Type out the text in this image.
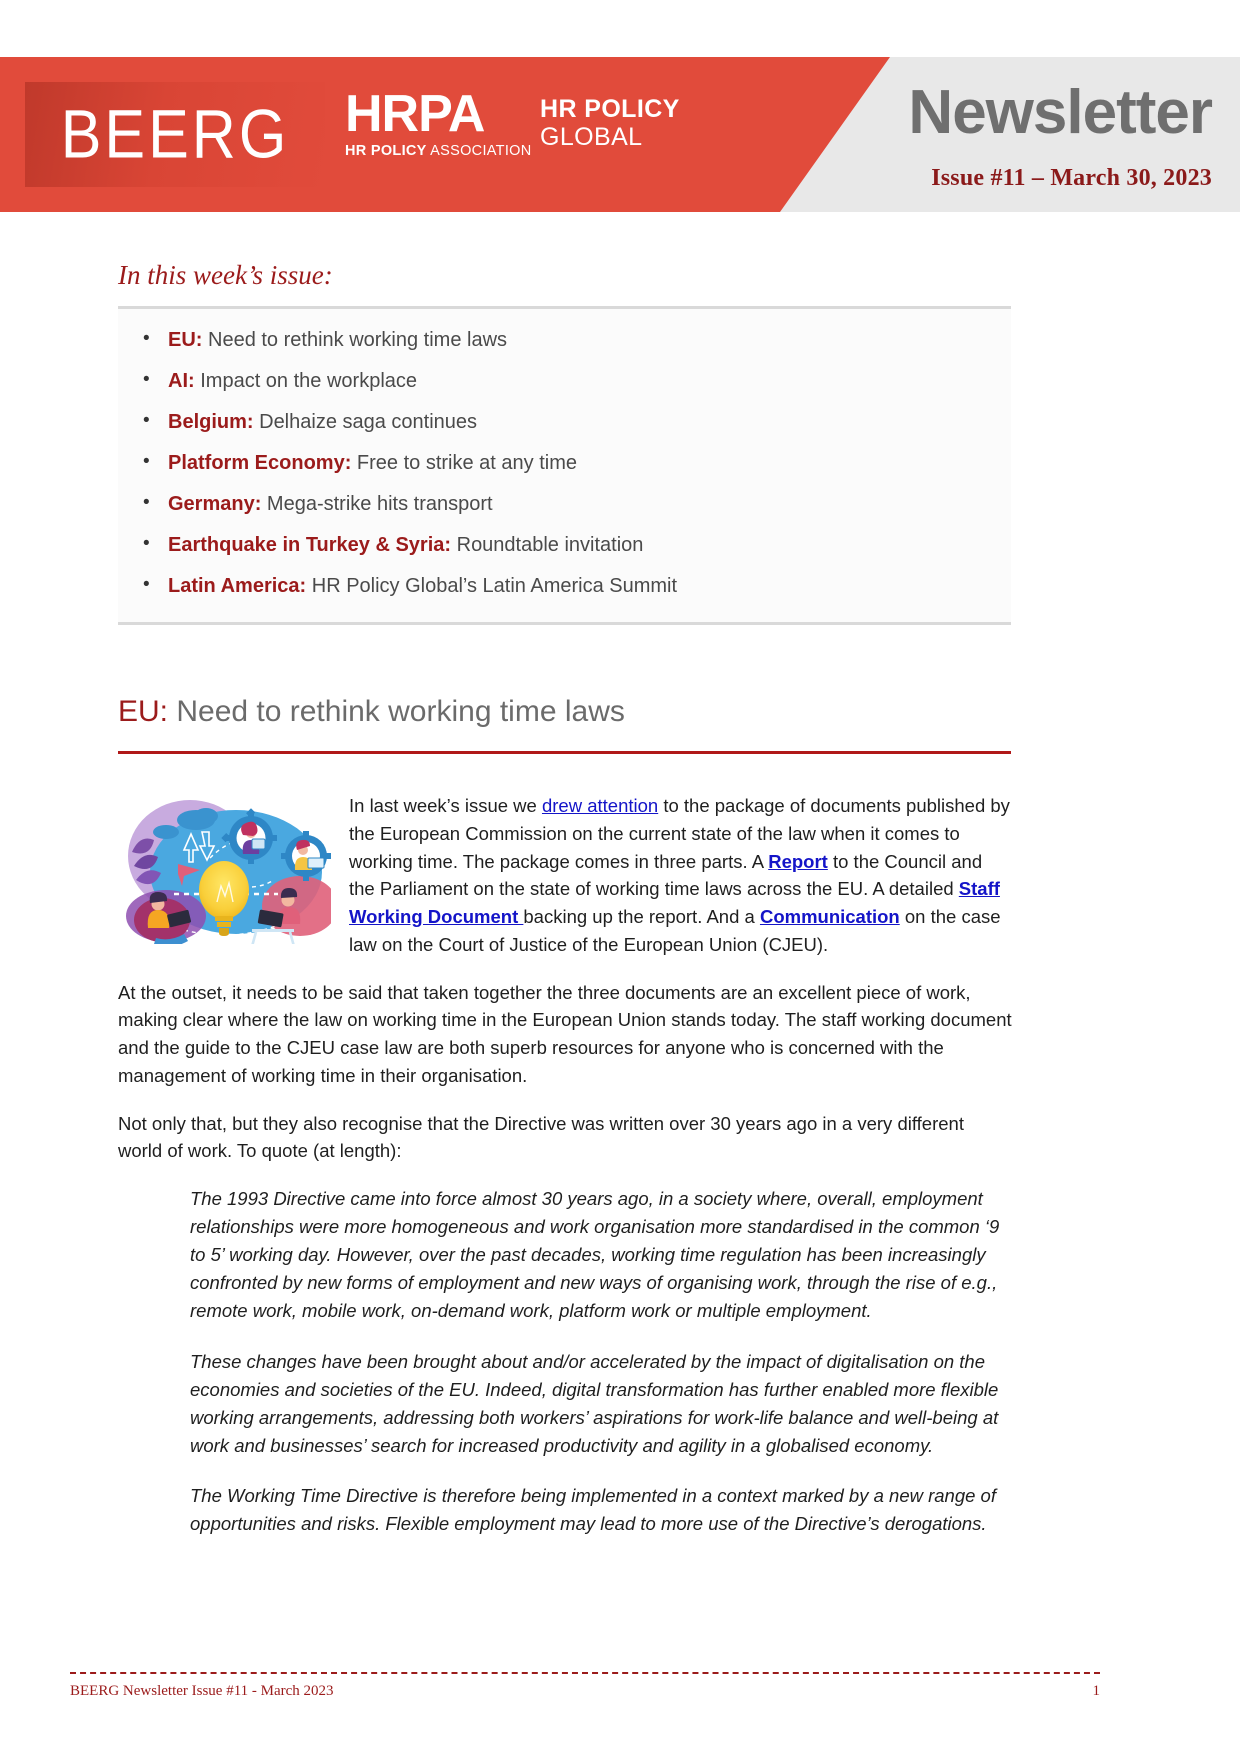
BEERG HRPA
HR POLICY ASSOCIATION
HR POLICY
GLOBAL	Newsletter
Issue #11 – March 30, 2023
In this week’s issue:
• EU: Need to rethink working time laws
• AI: Impact on the workplace
• Belgium: Delhaize saga continues
• Platform Economy: Free to strike at any time
• Germany: Mega-strike hits transport
• Earthquake in Turkey & Syria: Roundtable invitation
• Latin America: HR Policy Global’s Latin America Summit
EU: Need to rethink working time laws

In last week’s issue we drew attention to the package of documents published by the European Commission on the current state of the law when it comes to working time. The package comes in three parts. A Report to the Council and the Parliament on the state of working time laws across the EU. A detailed Staff Working Document backing up the report. And a Communication on the case law on the Court of Justice of the European Union (CJEU).

At the outset, it needs to be said that taken together the three documents are an excellent piece of work, making clear where the law on working time in the European Union stands today. The staff working document and the guide to the CJEU case law are both superb resources for anyone who is concerned with the management of working time in their organisation.

Not only that, but they also recognise that the Directive was written over 30 years ago in a very different world of work. To quote (at length):

The 1993 Directive came into force almost 30 years ago, in a society where, overall, employment relationships were more homogeneous and work organisation more standardised in the common ‘9 to 5’ working day. However, over the past decades, working time regulation has been increasingly confronted by new forms of employment and new ways of organising work, through the rise of e.g., remote work, mobile work, on-demand work, platform work or multiple employment.

These changes have been brought about and/or accelerated by the impact of digitalisation on the economies and societies of the EU. Indeed, digital transformation has further enabled more flexible working arrangements, addressing both workers’ aspirations for work-life balance and well-being at work and businesses’ search for increased productivity and agility in a globalised economy.

The Working Time Directive is therefore being implemented in a context marked by a new range of opportunities and risks. Flexible employment may lead to more use of the Directive’s derogations.

BEERG Newsletter Issue #11 - March 2023	1
